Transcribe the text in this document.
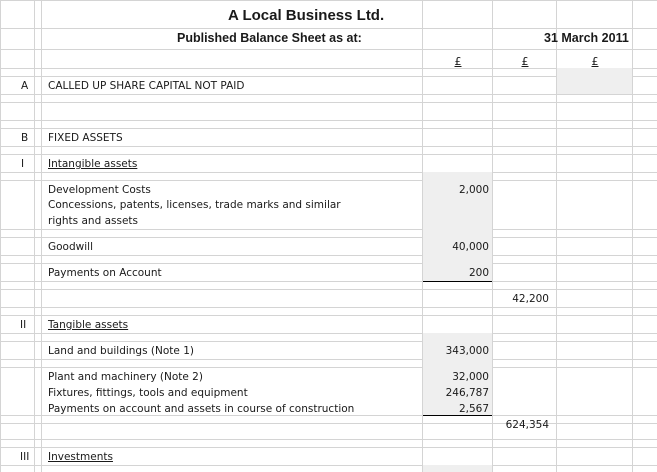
A Local Business Ltd.
Published Balance Sheet as at:	31 March 2011
£	£	£
A CALLED UP SHARE CAPITAL NOT PAID
B FIXED ASSETS
I Intangible assets
Development Costs	2,000
Concessions, patents, licenses, trade marks and similar
rights and assets
Goodwill	40,000
Payments on Account	200
42,200
II Tangible assets
Land and buildings (Note 1)	343,000
Plant and machinery (Note 2)	32,000
Fixtures, fittings, tools and equipment	246,787
Payments on account and assets in course of construction	2,567
624,354
III Investments
